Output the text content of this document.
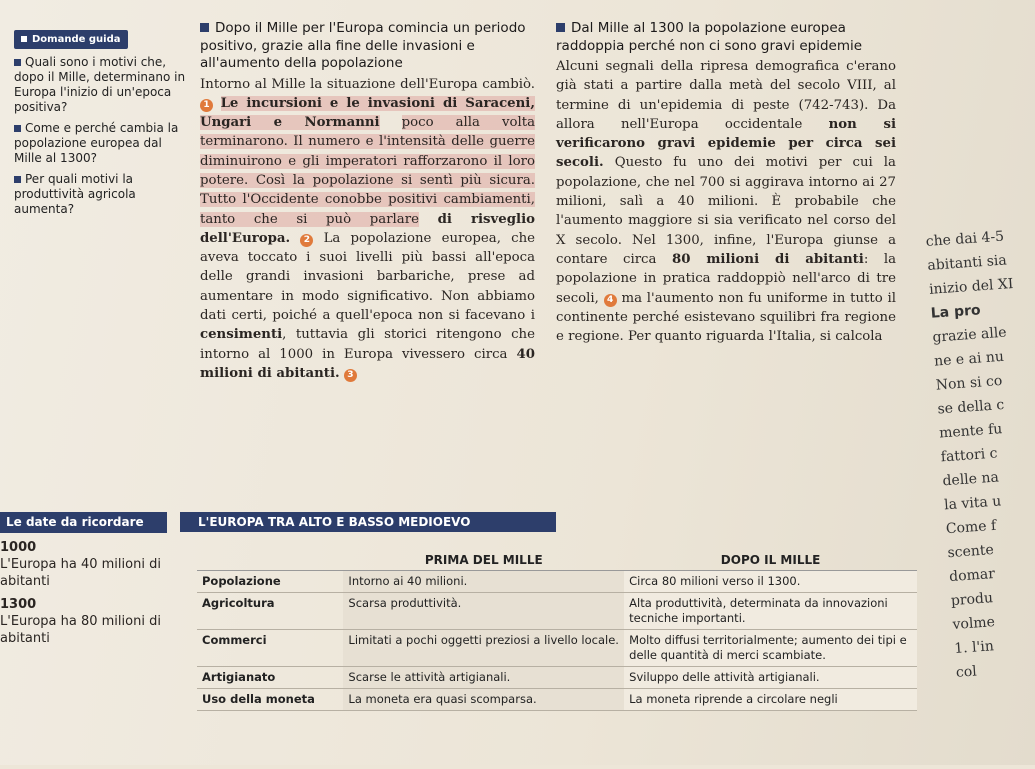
Domande guida
Quali sono i motivi che, dopo il Mille, determinano in Europa l'inizio di un'epoca positiva?
Come e perché cambia la popolazione europea dal Mille al 1300?
Per quali motivi la produttività agricola aumenta?
Dopo il Mille per l'Europa comincia un periodo positivo, grazie alla fine delle invasioni e all'aumento della popolazione
Intorno al Mille la situazione dell'Europa cambiò. 1 Le incursioni e le invasioni di Saraceni, Ungari e Normanni poco alla volta terminarono. Il numero e l'intensità delle guerre diminuirono e gli imperatori rafforzarono il loro potere. Così la popolazione si sentì più sicura. Tutto l'Occidente conobbe positivi cambiamenti, tanto che si può parlare di risveglio dell'Europa. 2 La popolazione europea, che aveva toccato i suoi livelli più bassi all'epoca delle grandi invasioni barbariche, prese ad aumentare in modo significativo. Non abbiamo dati certi, poiché a quell'epoca non si facevano i censimenti, tuttavia gli storici ritengono che intorno al 1000 in Europa vivessero circa 40 milioni di abitanti. 3
Dal Mille al 1300 la popolazione europea raddoppia perché non ci sono gravi epidemie
Alcuni segnali della ripresa demografica c'erano già stati a partire dalla metà del secolo VIII, al termine di un'epidemia di peste (742-743). Da allora nell'Europa occidentale non si verificarono gravi epidemie per circa sei secoli. Questo fu uno dei motivi per cui la popolazione, che nel 700 si aggirava intorno ai 27 milioni, salì a 40 milioni. È probabile che l'aumento maggiore si sia verificato nel corso del X secolo. Nel 1300, infine, l'Europa giunse a contare circa 80 milioni di abitanti: la popolazione in pratica raddoppiò nell'arco di tre secoli, 4 ma l'aumento non fu uniforme in tutto il continente perché esistevano squilibri fra regione e regione. Per quanto riguarda l'Italia, si calcola
che dai 4-5
abitanti sia
inizio del XI
La pro
grazie alle
ne e ai nu
Non si co
se della c
mente fu
fattori c
delle na
la vita u
Come f
scente
domar
produ
volme
1. l'in
col
Le date da ricordare
1000
L'Europa ha 40 milioni di abitanti
1300
L'Europa ha 80 milioni di abitanti
L'EUROPA TRA ALTO E BASSO MEDIOEVO
	PRIMA DEL MILLE	DOPO IL MILLE
Popolazione	Intorno ai 40 milioni.	Circa 80 milioni verso il 1300.
Agricoltura	Scarsa produttività.	Alta produttività, determinata da innovazioni tecniche importanti.
Commerci	Limitati a pochi oggetti preziosi a livello locale.	Molto diffusi territorialmente; aumento dei tipi e delle quantità di merci scambiate.
Artigianato	Scarse le attività artigianali.	Sviluppo delle attività artigianali.
Uso della moneta	La moneta era quasi scomparsa.	La moneta riprende a circolare negli
